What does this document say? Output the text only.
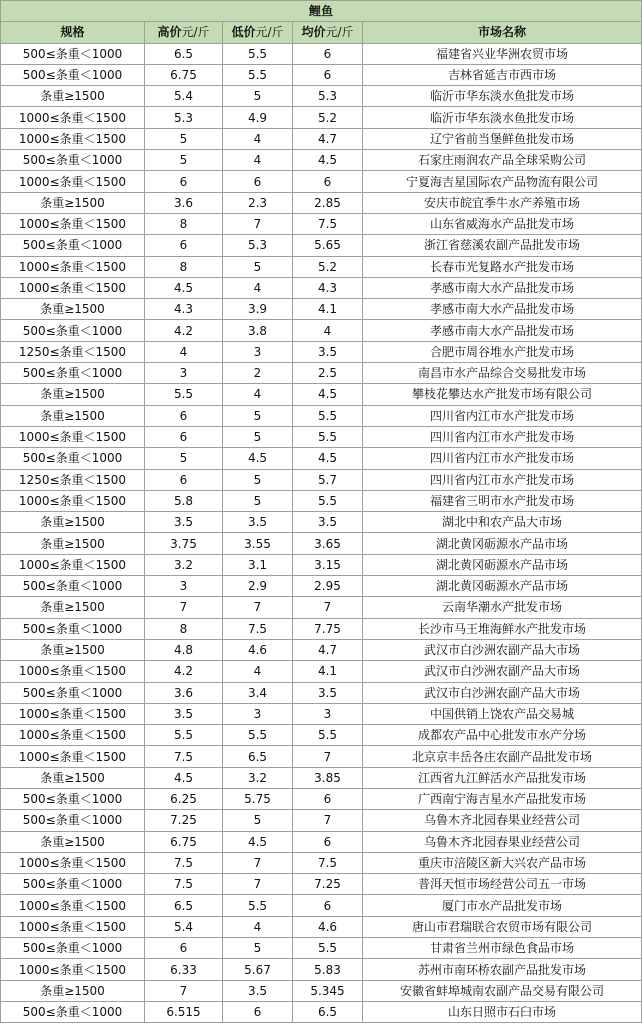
鲤鱼				
规格	高价元/斤	低价元/斤	均价元/斤	市场名称
500≤条重＜1000	6.5	5.5	6	福建省兴业华洲农贸市场
500≤条重＜1000	6.75	5.5	6	吉林省延吉市西市场
条重≥1500	5.4	5	5.3	临沂市华东淡水鱼批发市场
1000≤条重＜1500	5.3	4.9	5.2	临沂市华东淡水鱼批发市场
1000≤条重＜1500	5	4	4.7	辽宁省前当堡鲜鱼批发市场
500≤条重＜1000	5	4	4.5	石家庄雨润农产品全球采购公司
1000≤条重＜1500	6	6	6	宁夏海吉星国际农产品物流有限公司
条重≥1500	3.6	2.3	2.85	安庆市皖宜季牛水产养殖市场
1000≤条重＜1500	8	7	7.5	山东省威海水产品批发市场
500≤条重＜1000	6	5.3	5.65	浙江省慈溪农副产品批发市场
1000≤条重＜1500	8	5	5.2	长春市光复路水产批发市场
1000≤条重＜1500	4.5	4	4.3	孝感市南大水产品批发市场
条重≥1500	4.3	3.9	4.1	孝感市南大水产品批发市场
500≤条重＜1000	4.2	3.8	4	孝感市南大水产品批发市场
1250≤条重＜1500	4	3	3.5	合肥市周谷堆水产批发市场
500≤条重＜1000	3	2	2.5	南昌市水产品综合交易批发市场
条重≥1500	5.5	4	4.5	攀枝花攀达水产批发市场有限公司
条重≥1500	6	5	5.5	四川省内江市水产批发市场
1000≤条重＜1500	6	5	5.5	四川省内江市水产批发市场
500≤条重＜1000	5	4.5	4.5	四川省内江市水产批发市场
1250≤条重＜1500	6	5	5.7	四川省内江市水产批发市场
1000≤条重＜1500	5.8	5	5.5	福建省三明市水产批发市场
条重≥1500	3.5	3.5	3.5	湖北中和农产品大市场
条重≥1500	3.75	3.55	3.65	湖北黄冈砺源水产品市场
1000≤条重＜1500	3.2	3.1	3.15	湖北黄冈砺源水产品市场
500≤条重＜1000	3	2.9	2.95	湖北黄冈砺源水产品市场
条重≥1500	7	7	7	云南华潮水产批发市场
500≤条重＜1000	8	7.5	7.75	长沙市马王堆海鲜水产批发市场
条重≥1500	4.8	4.6	4.7	武汉市白沙洲农副产品大市场
1000≤条重＜1500	4.2	4	4.1	武汉市白沙洲农副产品大市场
500≤条重＜1000	3.6	3.4	3.5	武汉市白沙洲农副产品大市场
1000≤条重＜1500	3.5	3	3	中国供销上饶农产品交易城
1000≤条重＜1500	5.5	5.5	5.5	成都农产品中心批发市水产分场
1000≤条重＜1500	7.5	6.5	7	北京京丰岳各庄农副产品批发市场
条重≥1500	4.5	3.2	3.85	江西省九江鲜活水产品批发市场
500≤条重＜1000	6.25	5.75	6	广西南宁海吉星水产品批发市场
500≤条重＜1000	7.25	5	7	乌鲁木齐北园春果业经营公司
条重≥1500	6.75	4.5	6	乌鲁木齐北园春果业经营公司
1000≤条重＜1500	7.5	7	7.5	重庆市涪陵区新大兴农产品市场
500≤条重＜1000	7.5	7	7.25	普洱天恒市场经营公司五一市场
1000≤条重＜1500	6.5	5.5	6	厦门市水产品批发市场
1000≤条重＜1500	5.4	4	4.6	唐山市君瑞联合农贸市场有限公司
500≤条重＜1000	6	5	5.5	甘肃省兰州市绿色食品市场
1000≤条重＜1500	6.33	5.67	5.83	苏州市南环桥农副产品批发市场
条重≥1500	7	3.5	5.345	安徽省蚌埠城南农副产品交易有限公司
500≤条重＜1000	6.515	6	6.5	山东日照市石臼市场
